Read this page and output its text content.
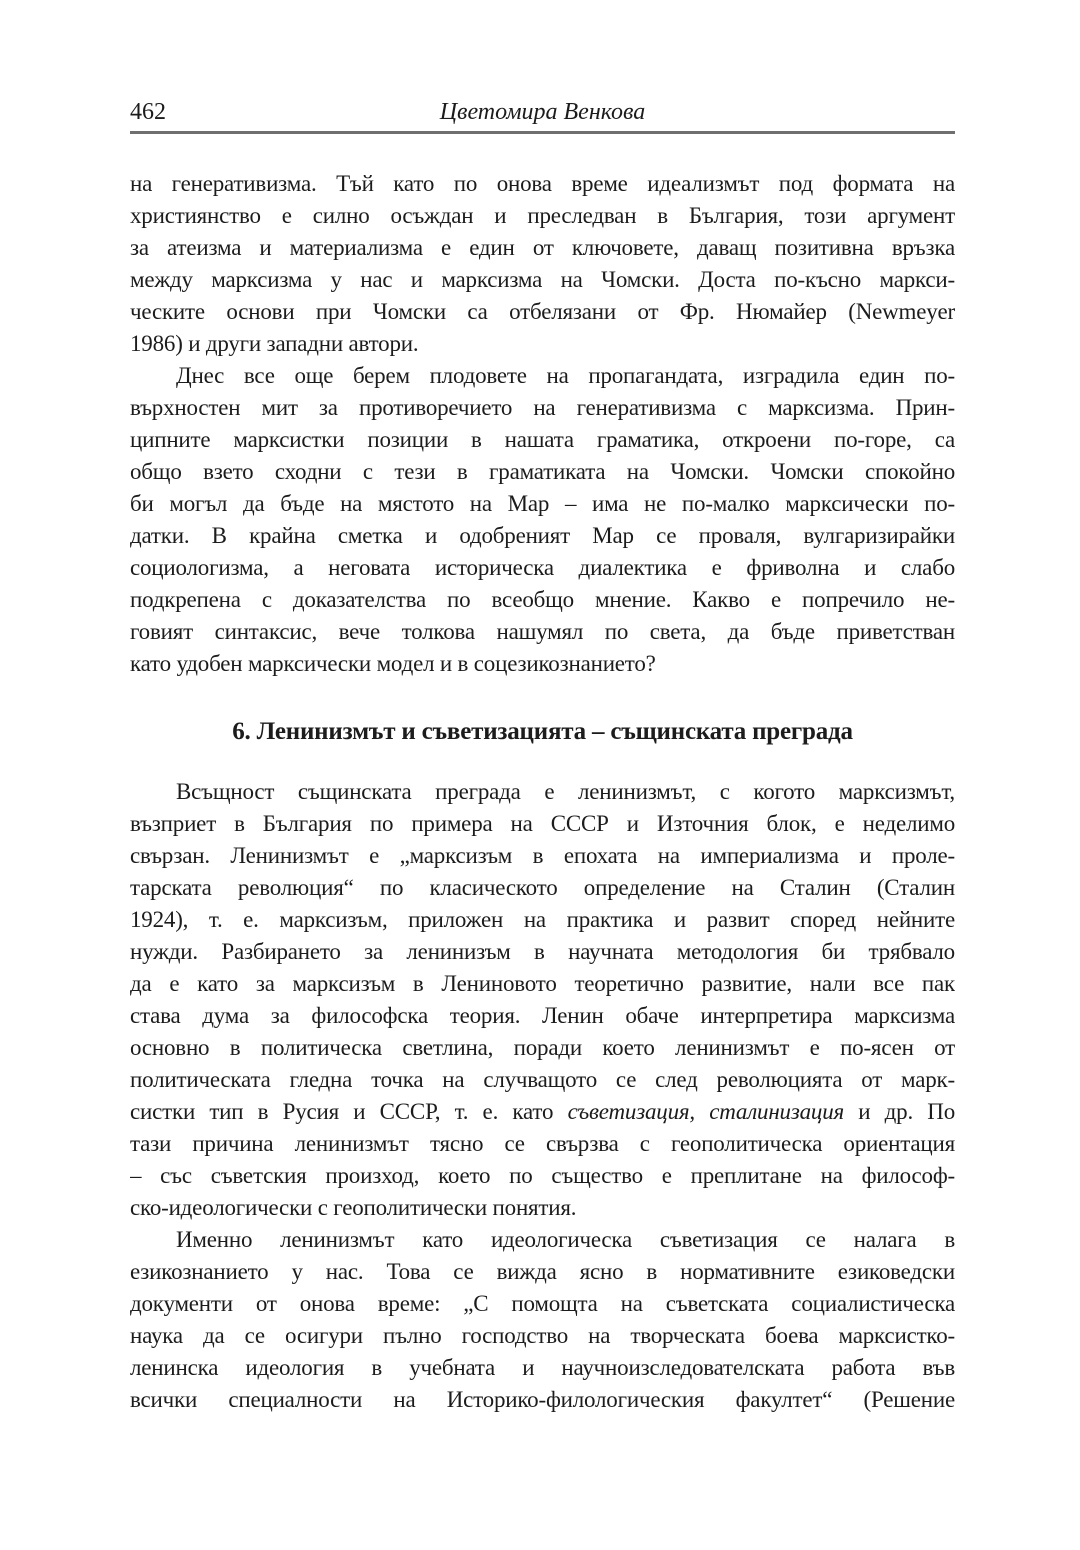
462	Цветомира Венкова
на генеративизма. Тъй като по онова време идеализмът под формата на
християнство е силно осъждан и преследван в България, този аргумент
за атеизма и материализма е един от ключовете, даващ позитивна връзка
между марксизма у нас и марксизма на Чомски. Доста по-късно маркси-
ческите основи при Чомски са отбелязани от Фр. Нюмайер (Newmeyer
1986) и други западни автори.
Днес все още берем плодовете на пропагандата, изградила един по-
върхностен мит за противоречието на генеративизма с марксизма. Прин-
ципните марксистки позиции в нашата граматика, откроени по-горе, са
общо взето сходни с тези в граматиката на Чомски. Чомски спокойно
би могъл да бъде на мястото на Мар – има не по-малко марксически по-
датки. В крайна сметка и одобреният Мар се проваля, вулгаризирайки
социологизма, а неговата историческа диалектика е фриволна и слабо
подкрепена с доказателства по всеобщо мнение. Какво е попречило не-
говият синтаксис, вече толкова нашумял по света, да бъде приветстван
като удобен марксически модел и в соцезикознанието?
6. Ленинизмът и съветизацията – същинската преграда
Всъщност същинската преграда е ленинизмът, с когото марксизмът,
възприет в България по примера на СССР и Източния блок, е неделимо
свързан. Ленинизмът е „марксизъм в епохата на империализма и проле-
тарската революция“ по класическото определение на Сталин (Сталин
1924), т. е. марксизъм, приложен на практика и развит според нейните
нужди. Разбирането за ленинизъм в научната методология би трябвало
да е като за марксизъм в Лениновото теоретично развитие, нали все пак
става дума за философска теория. Ленин обаче интерпретира марксизма
основно в политическа светлина, поради което ленинизмът е по-ясен от
политическата гледна точка на случващото се след революцията от марк-
систки тип в Русия и СССР, т. е. като съветизация, сталинизация и др. По
тази причина ленинизмът тясно се свързва с геополитическа ориентация
– със съветския произход, което по същество е преплитане на философ-
ско-идеологически с геополитически понятия.
Именно ленинизмът като идеологическа съветизация се налага в
езикознанието у нас. Това се вижда ясно в нормативните езиковедски
документи от онова време: „С помощта на съветската социалистическа
наука да се осигури пълно господство на творческата боева марксистко-
ленинска идеология в учебната и научноизследователската работа във
всички специалности на Историко-филологическия факултет“ (Решение
